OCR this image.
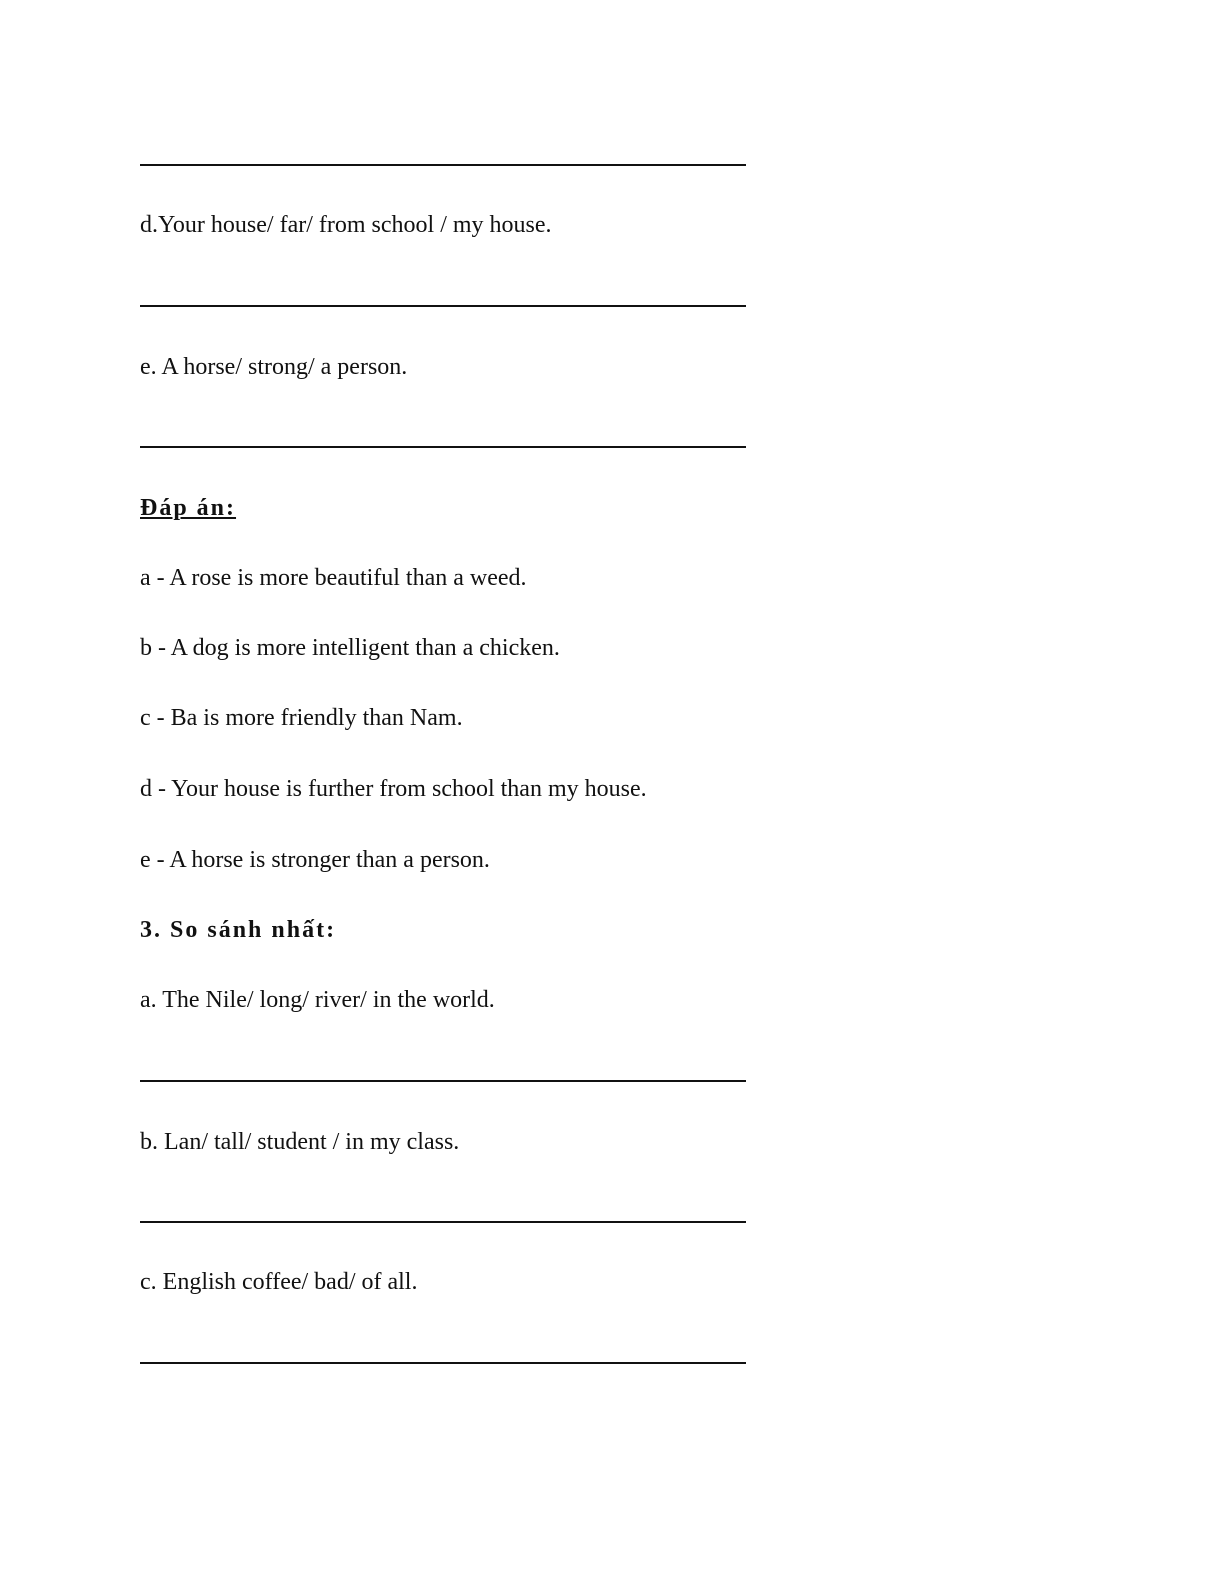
d.Your house/ far/ from school / my house.
e. A horse/ strong/ a person.
Đáp án:
a - A rose is more beautiful than a weed.
b - A dog is more intelligent than a chicken.
c - Ba is more friendly than Nam.
d - Your house is further from school than my house.
e - A horse is stronger than a person.
3. So sánh nhất:
a. The Nile/ long/ river/ in the world.
b. Lan/ tall/ student / in my class.
c. English coffee/ bad/ of all.
